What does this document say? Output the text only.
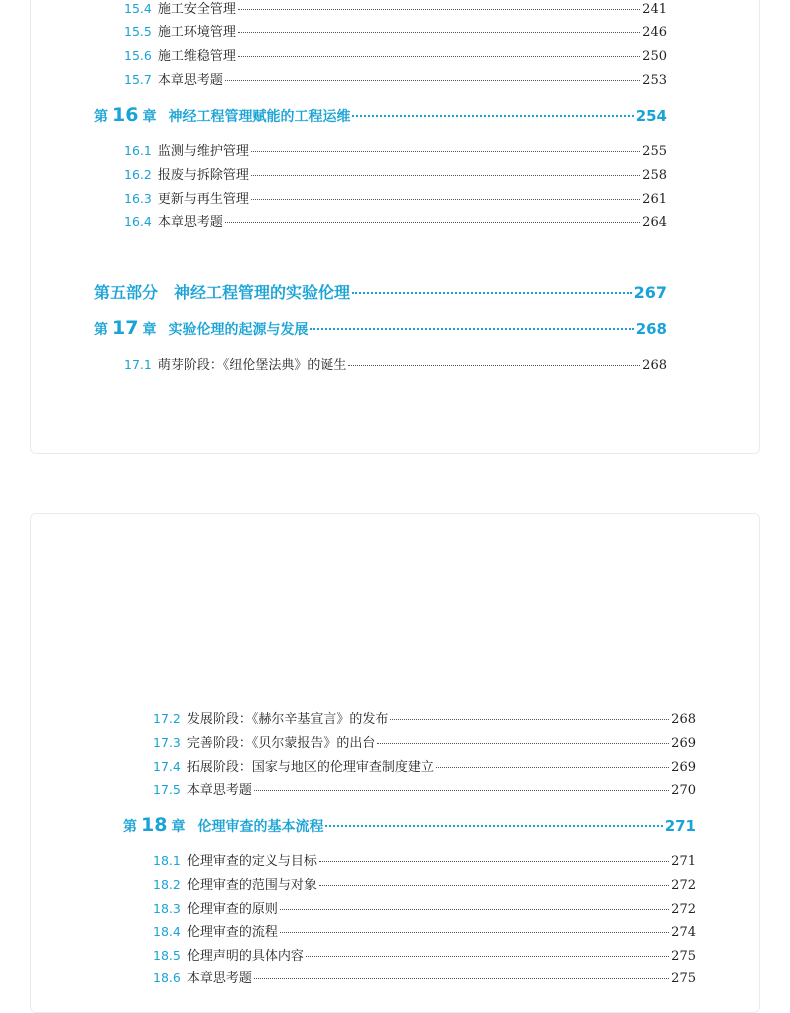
15.4 施工安全管理	241
15.5 施工环境管理	246
15.6 施工维稳管理	250
15.7 本章思考题	253
第 16 章 神经工程管理赋能的工程运维	254
16.1 监测与维护管理	255
16.2 报废与拆除管理	258
16.3 更新与再生管理	261
16.4 本章思考题	264
第五部分 神经工程管理的实验伦理	267
第 17 章 实验伦理的起源与发展	268
17.1 萌芽阶段：《纽伦堡法典》的诞生	268
17.2 发展阶段：《赫尔辛基宣言》的发布	268
17.3 完善阶段：《贝尔蒙报告》的出台	269
17.4 拓展阶段：国家与地区的伦理审查制度建立	269
17.5 本章思考题	270
第 18 章 伦理审查的基本流程	271
18.1 伦理审查的定义与目标	271
18.2 伦理审查的范围与对象	272
18.3 伦理审查的原则	272
18.4 伦理审查的流程	274
18.5 伦理声明的具体内容	275
18.6 本章思考题	275
